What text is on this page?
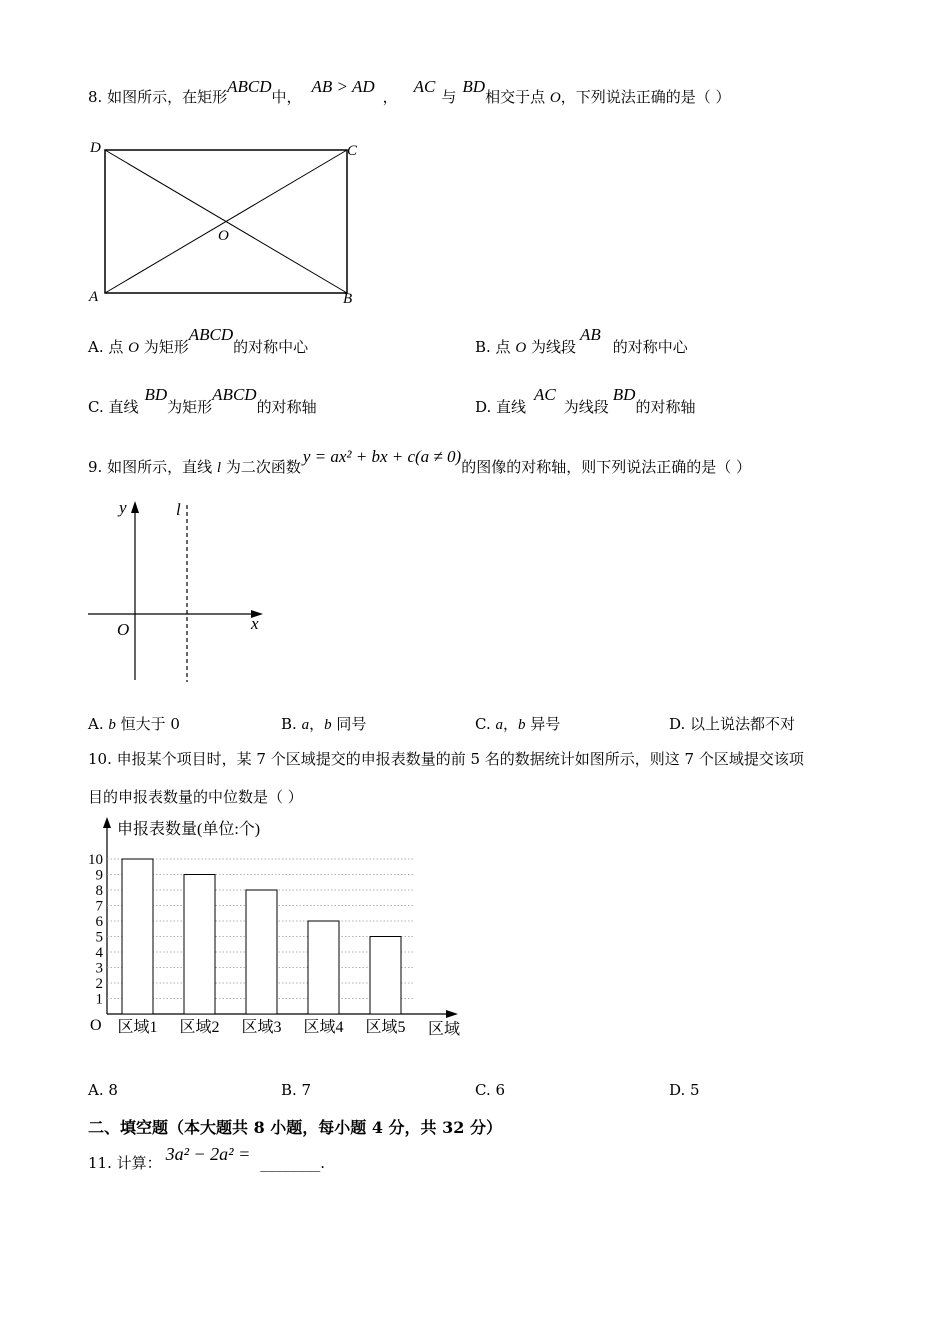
8. 如图所示，在矩形ABCD中，AB > AD，AC与BD相交于点 O，下列说法正确的是（ ）
D	C
A	B
O
A. 点 O 为矩形ABCD的对称中心	B. 点 O 为线段AB的对称中心
C. 直线BD为矩形ABCD的对称轴	D. 直线AC为线段BD的对称轴
9. 如图所示，直线 l 为二次函数y = ax² + bx + c(a ≠ 0)的图像的对称轴，则下列说法正确的是（ ）
y	l
x
O
A. b 恒大于 0	B. a，b 同号	C. a，b 异号	D. 以上说法都不对
10. 申报某个项目时，某 7 个区域提交的申报表数量的前 5 名的数据统计如图所示，则这 7 个区域提交该项
目的申报表数量的中位数是（ ）
申报表数量(单位:个)
区域
O
1
2
3
4
5
6
7
8
9
10
区域1 区域2 区域3 区域4 区域5
A. 8	B. 7	C. 6	D. 5
二、填空题（本大题共 8 小题，每小题 4 分，共 32 分）
11. 计算： 3a² − 2a² = ________.
